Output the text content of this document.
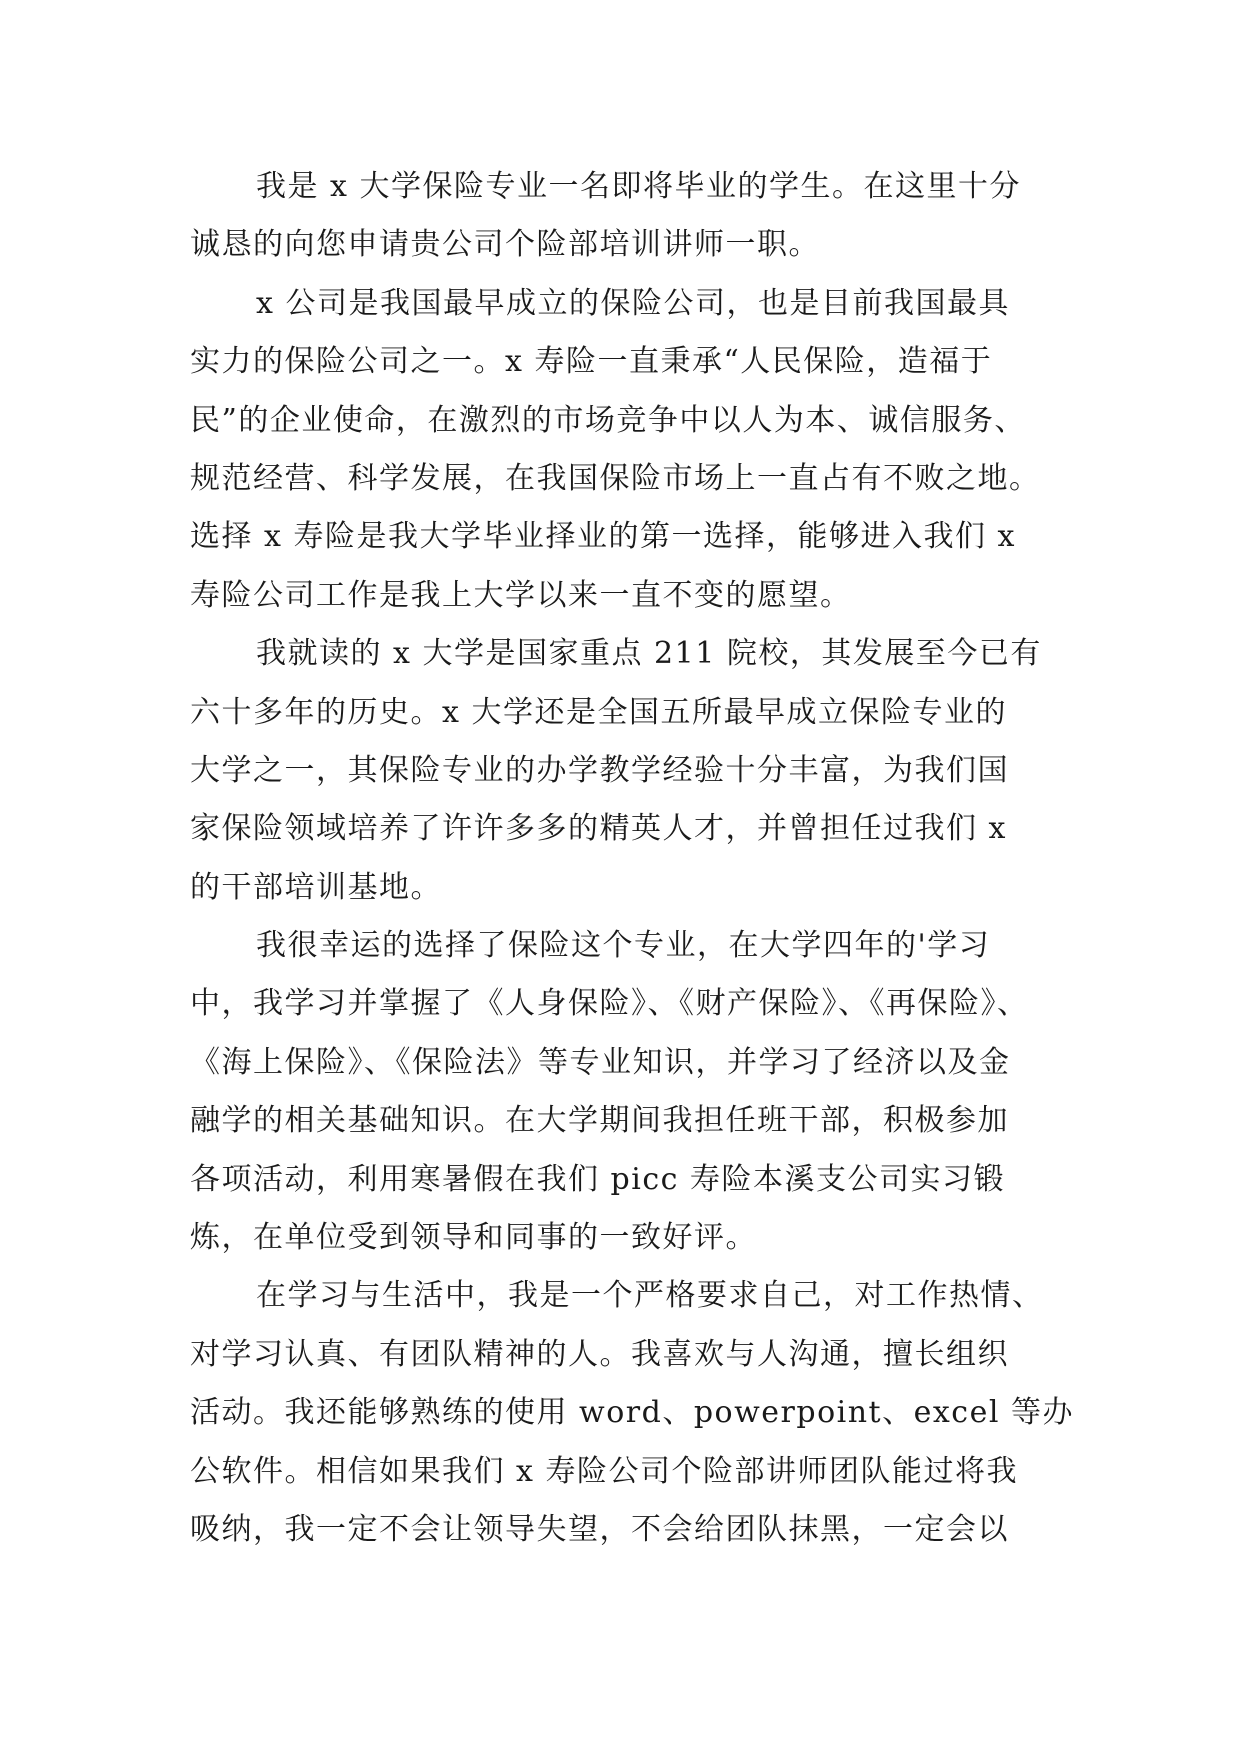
我是 x 大学保险专业一名即将毕业的学生。在这里十分
诚恳的向您申请贵公司个险部培训讲师一职。
x 公司是我国最早成立的保险公司，也是目前我国最具
实力的保险公司之一。x 寿险一直秉承“人民保险，造福于
民”的企业使命，在激烈的市场竞争中以人为本、诚信服务、
规范经营、科学发展，在我国保险市场上一直占有不败之地。
选择 x 寿险是我大学毕业择业的第一选择，能够进入我们 x
寿险公司工作是我上大学以来一直不变的愿望。
我就读的 x 大学是国家重点 211 院校，其发展至今已有
六十多年的历史。x 大学还是全国五所最早成立保险专业的
大学之一，其保险专业的办学教学经验十分丰富，为我们国
家保险领域培养了许许多多的精英人才，并曾担任过我们 x
的干部培训基地。
我很幸运的选择了保险这个专业，在大学四年的'学习
中，我学习并掌握了《人身保险》、《财产保险》、《再保险》、
《海上保险》、《保险法》等专业知识，并学习了经济以及金
融学的相关基础知识。在大学期间我担任班干部，积极参加
各项活动，利用寒暑假在我们 picc 寿险本溪支公司实习锻
炼，在单位受到领导和同事的一致好评。
在学习与生活中，我是一个严格要求自己，对工作热情、
对学习认真、有团队精神的人。我喜欢与人沟通，擅长组织
活动。我还能够熟练的使用 word、powerpoint、excel 等办
公软件。相信如果我们 x 寿险公司个险部讲师团队能过将我
吸纳，我一定不会让领导失望，不会给团队抹黑，一定会以
